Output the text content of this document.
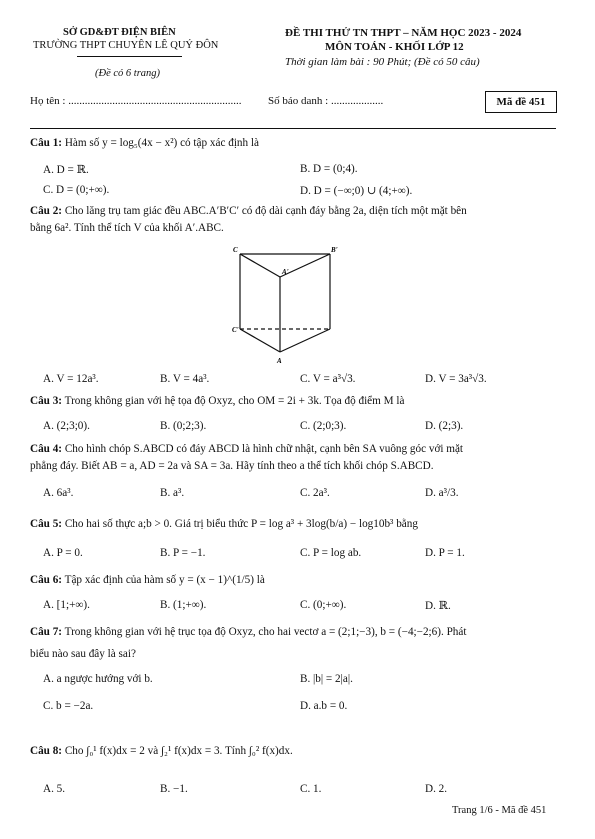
SỞ GD&ĐT ĐIỆN BIÊN
TRƯỜNG THPT CHUYÊN LÊ QUÝ ĐÔN
(Đề có 6 trang)
ĐỀ THI THỬ TN THPT – NĂM HỌC 2023 - 2024
MÔN TOÁN - KHỐI LỚP 12
Thời gian làm bài : 90 Phút; (Đề có 50 câu)
Họ tên : ............................................................... Số báo danh : ...................	Mã đề 451
Câu 1: Hàm số y = log₅(4x − x²) có tập xác định là
A. D = ℝ.	B. D = (0;4).
C. D = (0;+∞).	D. D = (−∞;0) ∪ (4;+∞).
Câu 2: Cho lăng trụ tam giác đều ABC.A′B′C′ có độ dài cạnh đáy bằng 2a, diện tích một mặt bên
bằng 6a². Tính thể tích V của khối A′.ABC.
C	B'
A'
C'
A
A. V = 12a³.	B. V = 4a³.	C. V = a³√3.	D. V = 3a³√3.
Câu 3: Trong không gian với hệ tọa độ Oxyz, cho OM = 2i + 3k. Tọa độ điểm M là
A. (2;3;0).	B. (0;2;3).	C. (2;0;3).	D. (2;3).
Câu 4: Cho hình chóp S.ABCD có đáy ABCD là hình chữ nhật, cạnh bên SA vuông góc với mặt
phẳng đáy. Biết AB = a, AD = 2a và SA = 3a. Hãy tính theo a thể tích khối chóp S.ABCD.
A. 6a³.	B. a³.	C. 2a³.	D. a³/3.
Câu 5: Cho hai số thực a;b > 0. Giá trị biểu thức P = log a³ + 3log(b/a) − log10b³ bằng
A. P = 0.	B. P = −1.	C. P = log ab.	D. P = 1.
Câu 6: Tập xác định của hàm số y = (x − 1)^(1/5) là
A. [1;+∞).	B. (1;+∞).	C. (0;+∞).	D. ℝ.
Câu 7: Trong không gian với hệ trục tọa độ Oxyz, cho hai vectơ a = (2;1;−3), b = (−4;−2;6). Phát
biểu nào sau đây là sai?
A. a ngược hướng với b.	B. |b| = 2|a|.
C. b = −2a.	D. a.b = 0.
Câu 8: Cho ∫₀¹ f(x)dx = 2 và ∫₂¹ f(x)dx = 3. Tính ∫₀² f(x)dx.
A. 5.	B. −1.	C. 1.	D. 2.
Trang 1/6 - Mã đề 451
